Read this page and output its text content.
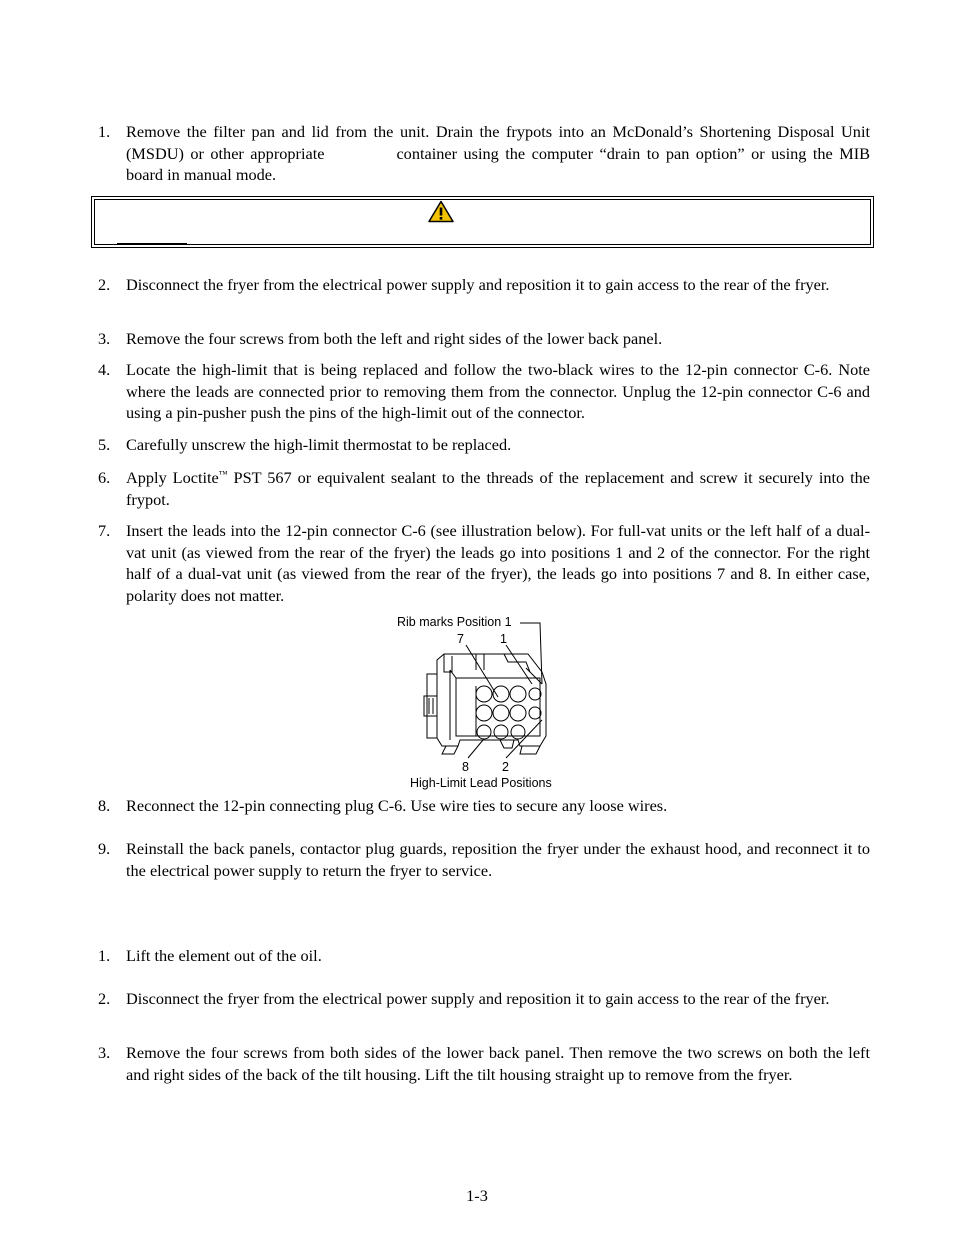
1. Remove the filter pan and lid from the unit. Drain the frypots into an McDonald’s Shortening Disposal Unit (MSDU) or other appropriate	container using the computer “drain to pan option” or using the MIB board in manual mode.
2. Disconnect the fryer from the electrical power supply and reposition it to gain access to the rear of the fryer.
3. Remove the four screws from both the left and right sides of the lower back panel.
4. Locate the high-limit that is being replaced and follow the two-black wires to the 12-pin connector C-6. Note where the leads are connected prior to removing them from the connector. Unplug the 12-pin connector C-6 and using a pin-pusher push the pins of the high-limit out of the connector.
5. Carefully unscrew the high-limit thermostat to be replaced.
6. Apply Loctite™ PST 567 or equivalent sealant to the threads of the replacement and screw it securely into the frypot.
7. Insert the leads into the 12-pin connector C-6 (see illustration below). For full-vat units or the left half of a dual-vat unit (as viewed from the rear of the fryer) the leads go into positions 1 and 2 of the connector. For the right half of a dual-vat unit (as viewed from the rear of the fryer), the leads go into positions 7 and 8. In either case, polarity does not matter.
Rib marks Position 1
7	1
8	2
High-Limit Lead Positions
8. Reconnect the 12-pin connecting plug C-6. Use wire ties to secure any loose wires.
9. Reinstall the back panels, contactor plug guards, reposition the fryer under the exhaust hood, and reconnect it to the electrical power supply to return the fryer to service.
1. Lift the element out of the oil.
2. Disconnect the fryer from the electrical power supply and reposition it to gain access to the rear of the fryer.
3. Remove the four screws from both sides of the lower back panel. Then remove the two screws on both the left and right sides of the back of the tilt housing. Lift the tilt housing straight up to remove from the fryer.
1-3
